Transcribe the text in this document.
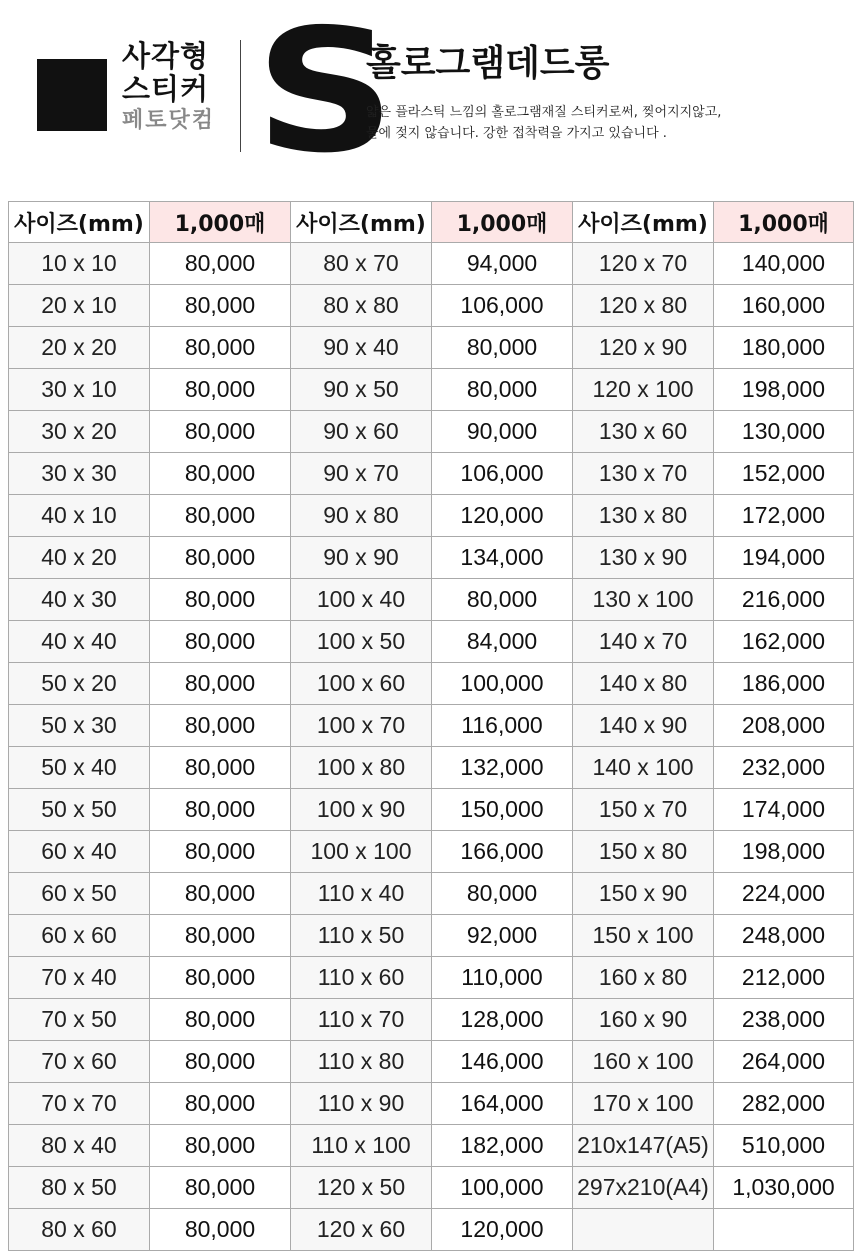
사각형
스티커
페토닷컴 S
홀로그램데드롱
얇은 플라스틱 느낌의 홀로그램재질 스티커로써, 찢어지지않고,
물에 젖지 않습니다. 강한 접착력을 가지고 있습니다 .
사이즈(mm)	1,000매	사이즈(mm)	1,000매	사이즈(mm)	1,000매
10 x 10	80,000	80 x 70	94,000	120 x 70	140,000
20 x 10	80,000	80 x 80	106,000	120 x 80	160,000
20 x 20	80,000	90 x 40	80,000	120 x 90	180,000
30 x 10	80,000	90 x 50	80,000	120 x 100	198,000
30 x 20	80,000	90 x 60	90,000	130 x 60	130,000
30 x 30	80,000	90 x 70	106,000	130 x 70	152,000
40 x 10	80,000	90 x 80	120,000	130 x 80	172,000
40 x 20	80,000	90 x 90	134,000	130 x 90	194,000
40 x 30	80,000	100 x 40	80,000	130 x 100	216,000
40 x 40	80,000	100 x 50	84,000	140 x 70	162,000
50 x 20	80,000	100 x 60	100,000	140 x 80	186,000
50 x 30	80,000	100 x 70	116,000	140 x 90	208,000
50 x 40	80,000	100 x 80	132,000	140 x 100	232,000
50 x 50	80,000	100 x 90	150,000	150 x 70	174,000
60 x 40	80,000	100 x 100	166,000	150 x 80	198,000
60 x 50	80,000	110 x 40	80,000	150 x 90	224,000
60 x 60	80,000	110 x 50	92,000	150 x 100	248,000
70 x 40	80,000	110 x 60	110,000	160 x 80	212,000
70 x 50	80,000	110 x 70	128,000	160 x 90	238,000
70 x 60	80,000	110 x 80	146,000	160 x 100	264,000
70 x 70	80,000	110 x 90	164,000	170 x 100	282,000
80 x 40	80,000	110 x 100	182,000	210x147(A5)	510,000
80 x 50	80,000	120 x 50	100,000	297x210(A4)	1,030,000
80 x 60	80,000	120 x 60	120,000		
